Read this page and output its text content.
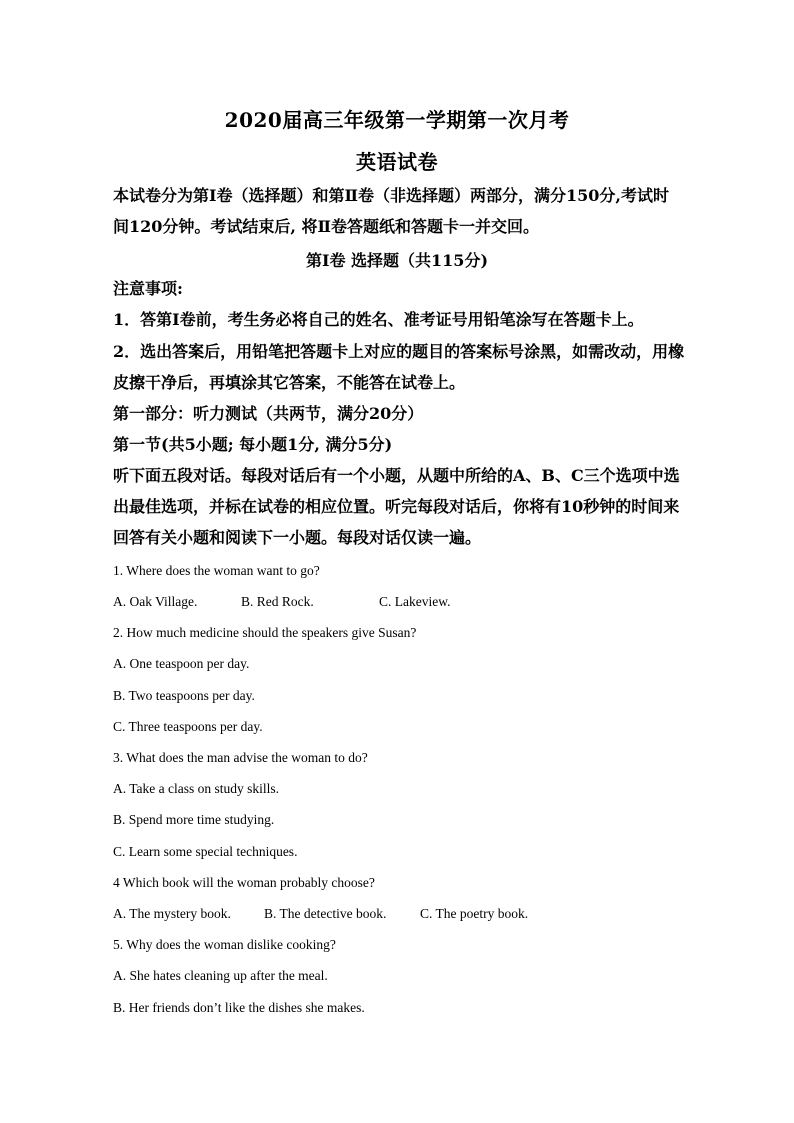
2020届高三年级第一学期第一次月考
英语试卷
本试卷分为第Ⅰ卷（选择题）和第Ⅱ卷（非选择题）两部分，满分150分,考试时
间120分钟。考试结束后, 将Ⅱ卷答题纸和答题卡一并交回。
第I卷 选择题（共115分)
注意事项:
1．答第Ⅰ卷前，考生务必将自己的姓名、准考证号用铅笔涂写在答题卡上。
2．选出答案后，用铅笔把答题卡上对应的题目的答案标号涂黑，如需改动，用橡
皮擦干净后，再填涂其它答案，不能答在试卷上。
第一部分：听力测试（共两节，满分20分）
第一节(共5小题; 每小题1分, 满分5分)
听下面五段对话。每段对话后有一个小题，从题中所给的A、B、C三个选项中选
出最佳选项，并标在试卷的相应位置。听完每段对话后，你将有10秒钟的时间来
回答有关小题和阅读下一小题。每段对话仅读一遍。
1. Where does the woman want to go?
A. Oak Village.	B. Red Rock.	C. Lakeview.
2. How much medicine should the speakers give Susan?
A. One teaspoon per day.
B. Two teaspoons per day.
C. Three teaspoons per day.
3. What does the man advise the woman to do?
A. Take a class on study skills.
B. Spend more time studying.
C. Learn some special techniques.
4 Which book will the woman probably choose?
A. The mystery book. B. The detective book. C. The poetry book.
5. Why does the woman dislike cooking?
A. She hates cleaning up after the meal.
B. Her friends don’t like the dishes she makes.
